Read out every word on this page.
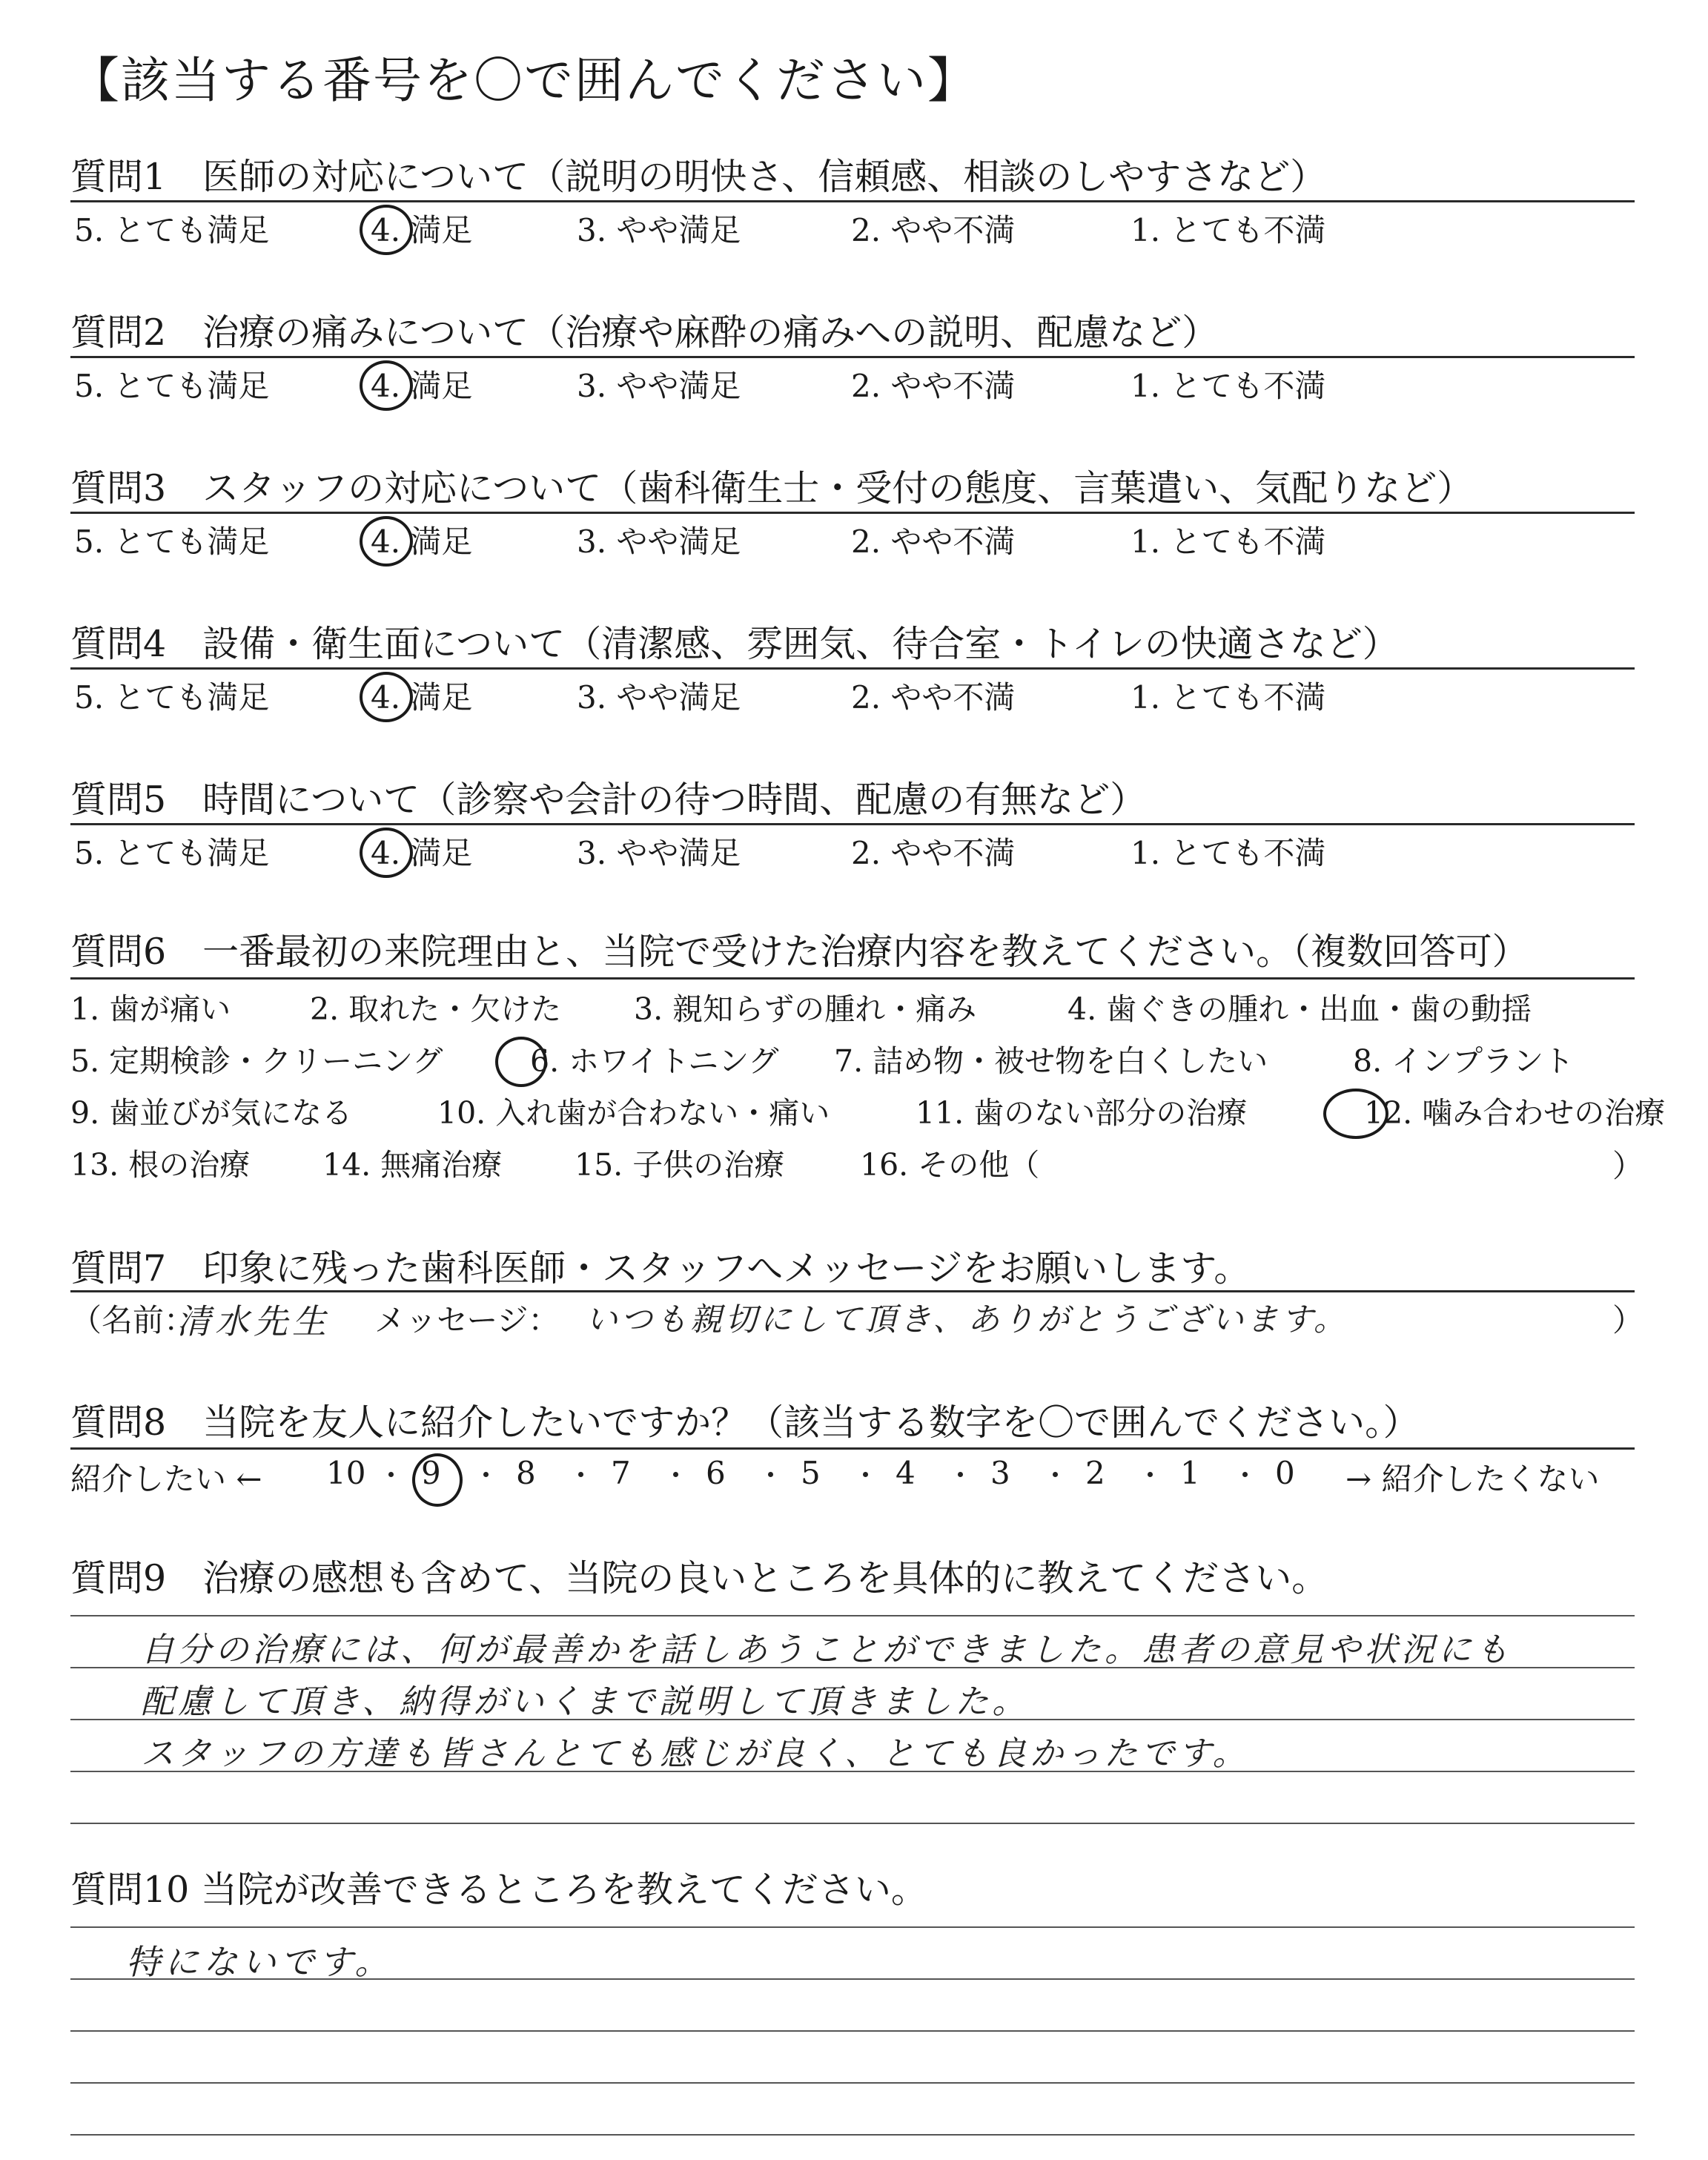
【該当する番号を〇で囲んでください】
質問1　医師の対応について（説明の明快さ、信頼感、相談のしやすさなど）
5. とても満足	4. 満足	3. やや満足	2. やや不満	1. とても不満
質問2　治療の痛みについて（治療や麻酔の痛みへの説明、配慮など）
5. とても満足	4. 満足	3. やや満足	2. やや不満	1. とても不満
質問3　スタッフの対応について（歯科衛生士・受付の態度、言葉遣い、気配りなど）
5. とても満足	4. 満足	3. やや満足	2. やや不満	1. とても不満
質問4　設備・衛生面について（清潔感、雰囲気、待合室・トイレの快適さなど）
5. とても満足	4. 満足	3. やや満足	2. やや不満	1. とても不満
質問5　時間について（診察や会計の待つ時間、配慮の有無など）
5. とても満足	4. 満足	3. やや満足	2. やや不満	1. とても不満
質問6　一番最初の来院理由と、当院で受けた治療内容を教えてください。（複数回答可）
1. 歯が痛い	2. 取れた・欠けた 3. 親知らずの腫れ・痛み	4. 歯ぐきの腫れ・出血・歯の動揺
5. 定期検診・クリーニング	6. ホワイトニング 7. 詰め物・被せ物を白くしたい	8. インプラント
9. 歯並びが気になる	10. 入れ歯が合わない・痛い	11. 歯のない部分の治療	12. 噛み合わせの治療
13. 根の治療 14. 無痛治療 15. 子供の治療 16. その他（	）
質問7　印象に残った歯科医師・スタッフへメッセージをお願いします。
（名前：
清水先生 メッセージ： いつも親切にして頂き、ありがとうございます。	）
質問8　当院を友人に紹介したいですか？（該当する数字を〇で囲んでください。）
紹介したい ← 10 9 8 7 6 5 4 3 2 1 0 → 紹介したくない
質問9　治療の感想も含めて、当院の良いところを具体的に教えてください。
自分の治療には、何が最善かを話しあうことができました。患者の意見や状況にも
配慮して頂き、納得がいくまで説明して頂きました。
スタッフの方達も皆さんとても感じが良く、とても良かったです。
質問10 当院が改善できるところを教えてください。
特にないです。
